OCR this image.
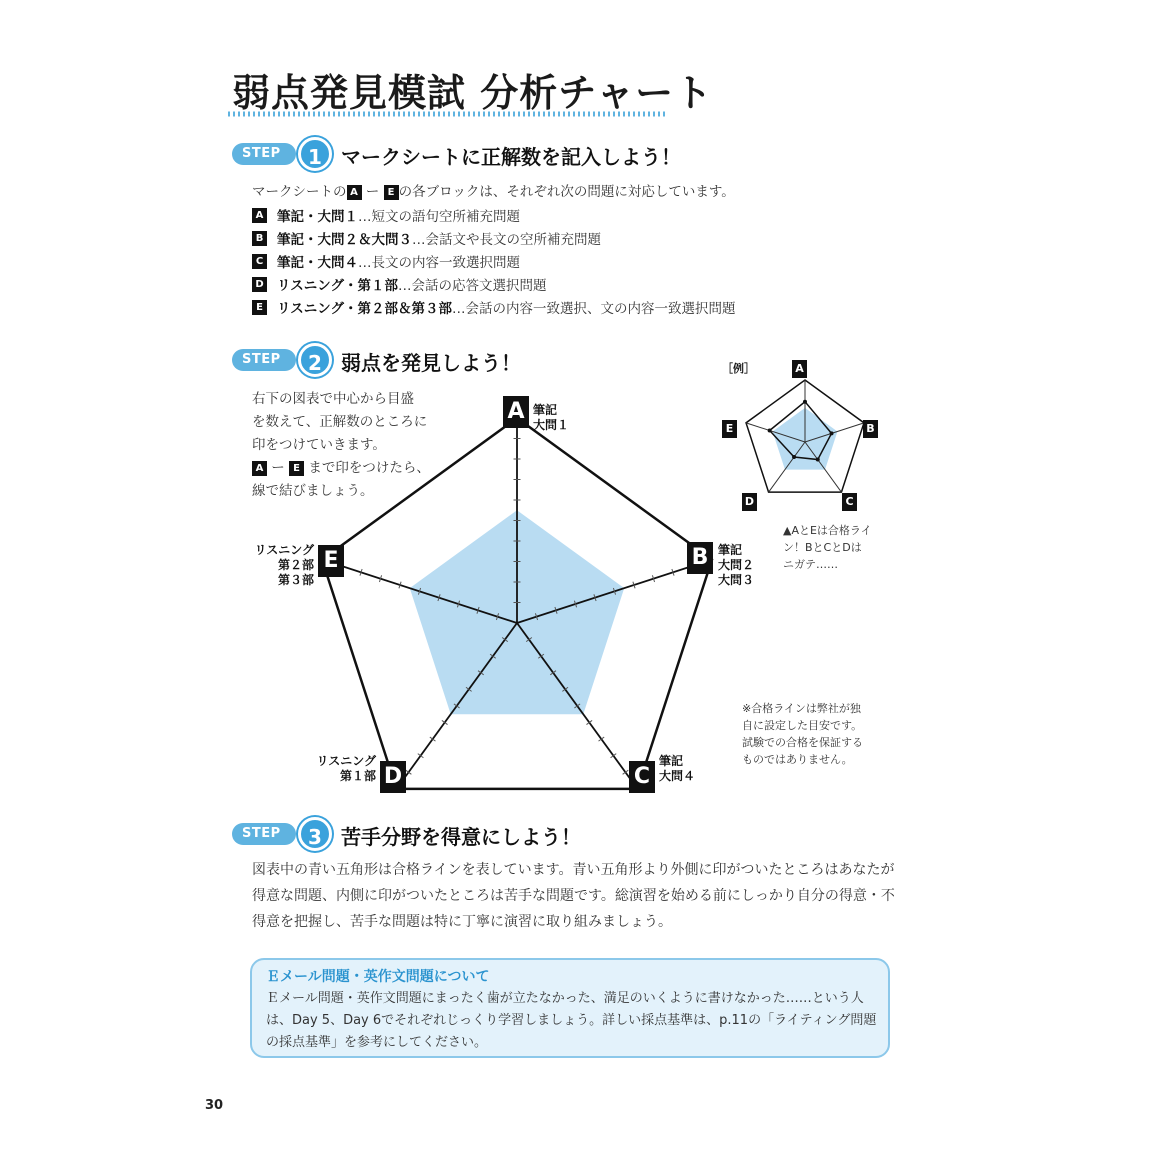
弱点発見模試 分析チャート
STEP	1 マークシートに正解数を記入しよう！
マークシートの A ー E の各ブロックは、それぞれ次の問題に対応しています。
A 筆記・大問１…短文の語句空所補充問題
B 筆記・大問２＆大問３…会話文や長文の空所補充問題
C 筆記・大問４…長文の内容一致選択問題
D リスニング・第１部…会話の応答文選択問題
E	リスニング・第２部＆第３部…会話の内容一致選択、文の内容一致選択問題
STEP	2 弱点を発見しよう！
右下の図表で中心から目盛
を数えて、正解数のところに
印をつけていきます。
A ー E まで印をつけたら、
線で結びましょう。
A 筆記
大問１
B 筆記
大問２
大問３
C
筆記
大問４
D
リスニング
第１部
E
リスニング
第２部
第３部
［例］	A
B
C
D
E
▲AとEは合格ライ
ン！BとCとDは
ニガテ……
※合格ラインは弊社が独
自に設定した目安です。
試験での合格を保証する
ものではありません。
STEP	3 苦手分野を得意にしよう！
図表中の青い五角形は合格ラインを表しています。青い五角形より外側に印がついたところはあなたが得意な問題、内側に印がついたところは苦手な問題です。総演習を始める前にしっかり自分の得意・不得意を把握し、苦手な問題は特に丁寧に演習に取り組みましょう。
Ｅメール問題・英作文問題について
Ｅメール問題・英作文問題にまったく歯が立たなかった、満足のいくように書けなかった……という人は、Day 5、Day 6でそれぞれじっくり学習しましょう。詳しい採点基準は、p.11の「ライティング問題の採点基準」を参考にしてください。
30
